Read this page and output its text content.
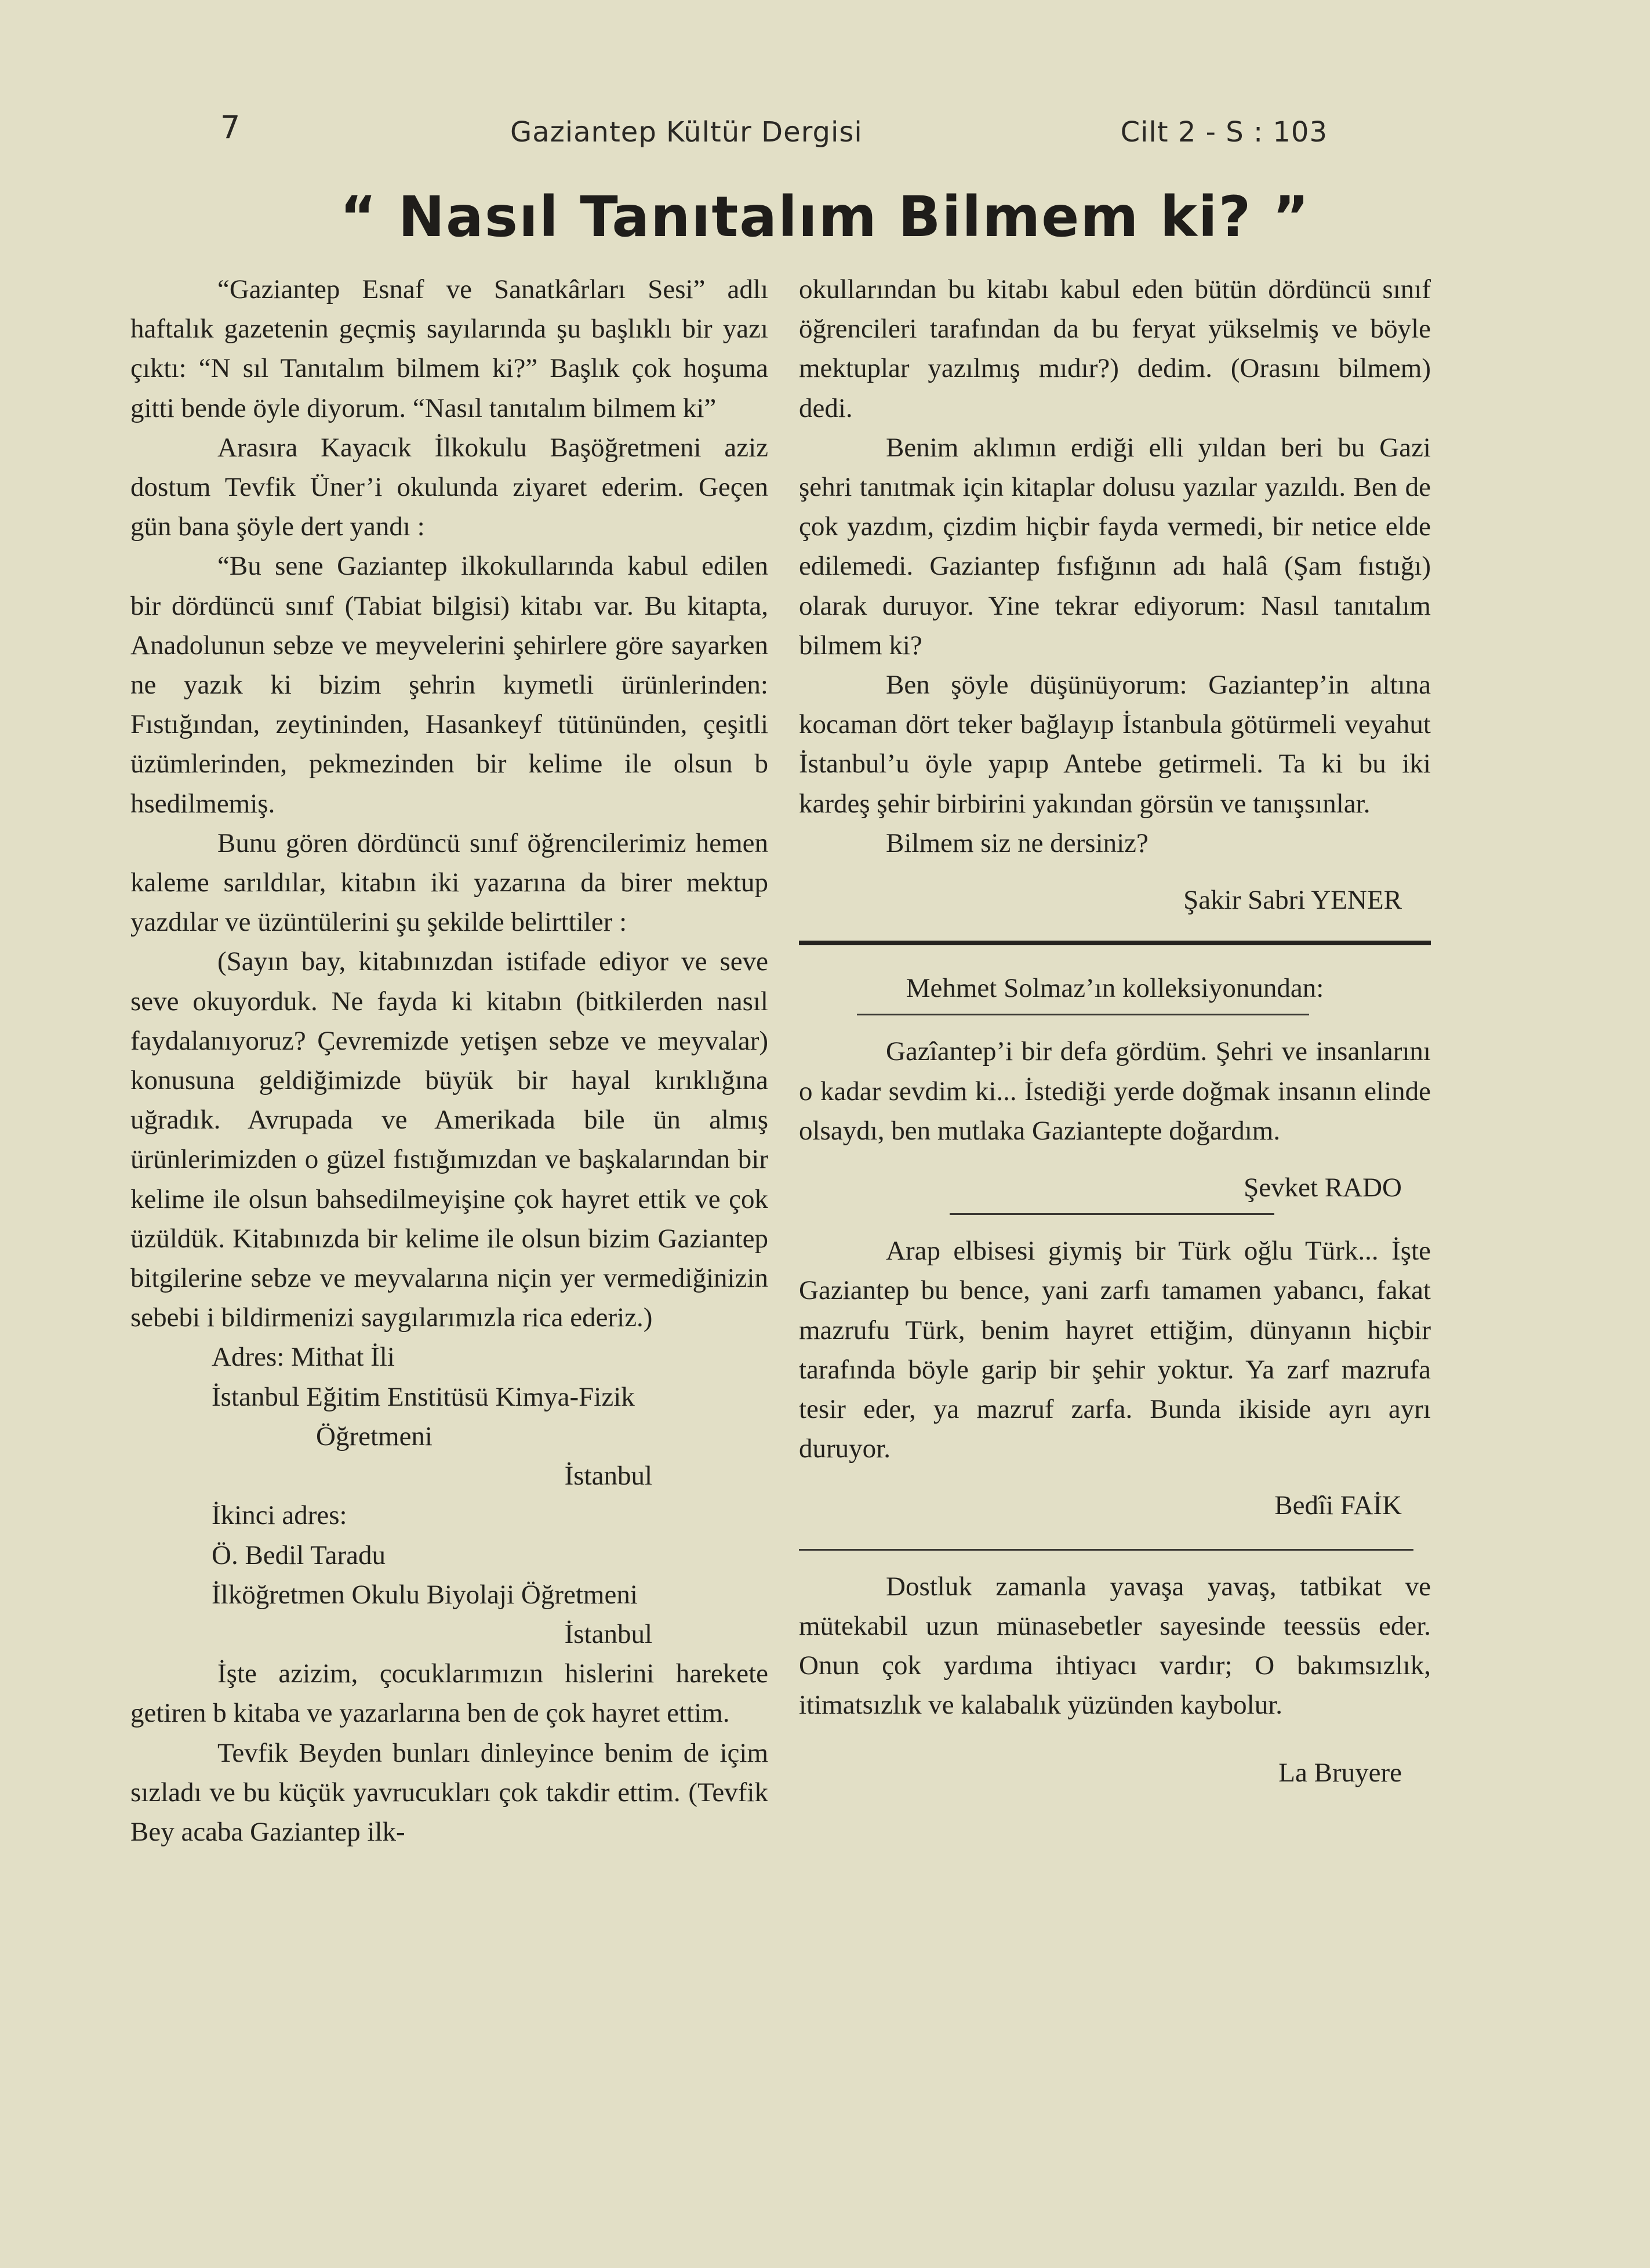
7	Gaziantep Kültür Dergisi	Cilt 2 - S : 103
“ Nasıl Tanıtalım Bilmem ki? ”

“Gaziantep Esnaf ve Sanatkârları Sesi” adlı haftalık gazetenin geçmiş sayılarında şu başlıklı bir yazı çıktı: “N sıl Tanıtalım bilmem ki?” Başlık çok hoşuma gitti bende öyle diyorum. “Nasıl tanıtalım bilmem ki”

Arasıra Kayacık İlkokulu Başöğretmeni aziz dostum Tevfik Üner’i okulunda ziyaret ederim. Geçen gün bana şöyle dert yandı :

“Bu sene Gaziantep ilkokullarında kabul edilen bir dördüncü sınıf (Tabiat bilgisi) kitabı var. Bu kitapta, Anadolunun sebze ve meyvelerini şehirlere göre sayarken ne yazık ki bizim şehrin kıymetli ürünlerinden: Fıstığından, zeytininden, Hasankeyf tütününden, çeşitli üzümlerinden, pekmezinden bir kelime ile olsun b hsedilmemiş.

Bunu gören dördüncü sınıf öğrencilerimiz hemen kaleme sarıldılar, kitabın iki yazarına da birer mektup yazdılar ve üzüntülerini şu şekilde belirttiler :

(Sayın bay, kitabınızdan istifade ediyor ve seve seve okuyorduk. Ne fayda ki kitabın (bitkilerden nasıl faydalanıyoruz? Çevremizde yetişen sebze ve meyvalar) konusuna geldiğimizde büyük bir hayal kırıklığına uğradık. Avrupada ve Amerikada bile ün almış ürünlerimizden o güzel fıstığımızdan ve başkalarından bir kelime ile olsun bahsedilmeyişine çok hayret ettik ve çok üzüldük. Kitabınızda bir kelime ile olsun bizim Gaziantep bitgilerine sebze ve meyvalarına niçin yer vermediğinizin sebebi i bildirmenizi saygılarımızla rica ederiz.)

Adres: Mithat İli

İstanbul Eğitim Enstitüsü Kimya-Fizik

Öğretmeni

İstanbul

İkinci adres:

Ö. Bedil Taradu

İlköğretmen Okulu Biyolaji Öğretmeni

İstanbul

İşte azizim, çocuklarımızın hislerini harekete getiren b kitaba ve yazarlarına ben de çok hayret ettim.

Tevfik Beyden bunları dinleyince benim de içim sızladı ve bu küçük yavrucukları çok takdir ettim. (Tevfik Bey acaba Gaziantep ilk-

okullarından bu kitabı kabul eden bütün dördüncü sınıf öğrencileri tarafından da bu feryat yükselmiş ve böyle mektuplar yazılmış mıdır?) dedim. (Orasını bilmem) dedi.

Benim aklımın erdiği elli yıldan beri bu Gazi şehri tanıtmak için kitaplar dolusu yazılar yazıldı. Ben de çok yazdım, çizdim hiçbir fayda vermedi, bir netice elde edilemedi. Gaziantep fısfığının adı halâ (Şam fıstığı) olarak duruyor. Yine tekrar ediyorum: Nasıl tanıtalım bilmem ki?

Ben şöyle düşünüyorum: Gaziantep’in altına kocaman dört teker bağlayıp İstanbula götürmeli veyahut İstanbul’u öyle yapıp Antebe getirmeli. Ta ki bu iki kardeş şehir birbirini yakından görsün ve tanışsınlar.

Bilmem siz ne dersiniz?

Şakir Sabri YENER

Mehmet Solmaz’ın kolleksiyonundan:

Gazîantep’i bir defa gördüm. Şehri ve insanlarını o kadar sevdim ki... İstediği yerde doğmak insanın elinde olsaydı, ben mutlaka Gaziantepte doğardım.

Şevket RADO

Arap elbisesi giymiş bir Türk oğlu Türk... İşte Gaziantep bu bence, yani zarfı tamamen yabancı, fakat mazrufu Türk, benim hayret ettiğim, dünyanın hiçbir tarafında böyle garip bir şehir yoktur. Ya zarf mazrufa tesir eder, ya mazruf zarfa. Bunda ikiside ayrı ayrı duruyor.

Bedîi FAİK

Dostluk zamanla yavaşa yavaş, tatbikat ve mütekabil uzun münasebetler sayesinde teessüs eder. Onun çok yardıma ihtiyacı vardır; O bakımsızlık, itimatsızlık ve kalabalık yüzünden kaybolur.

La Bruyere
